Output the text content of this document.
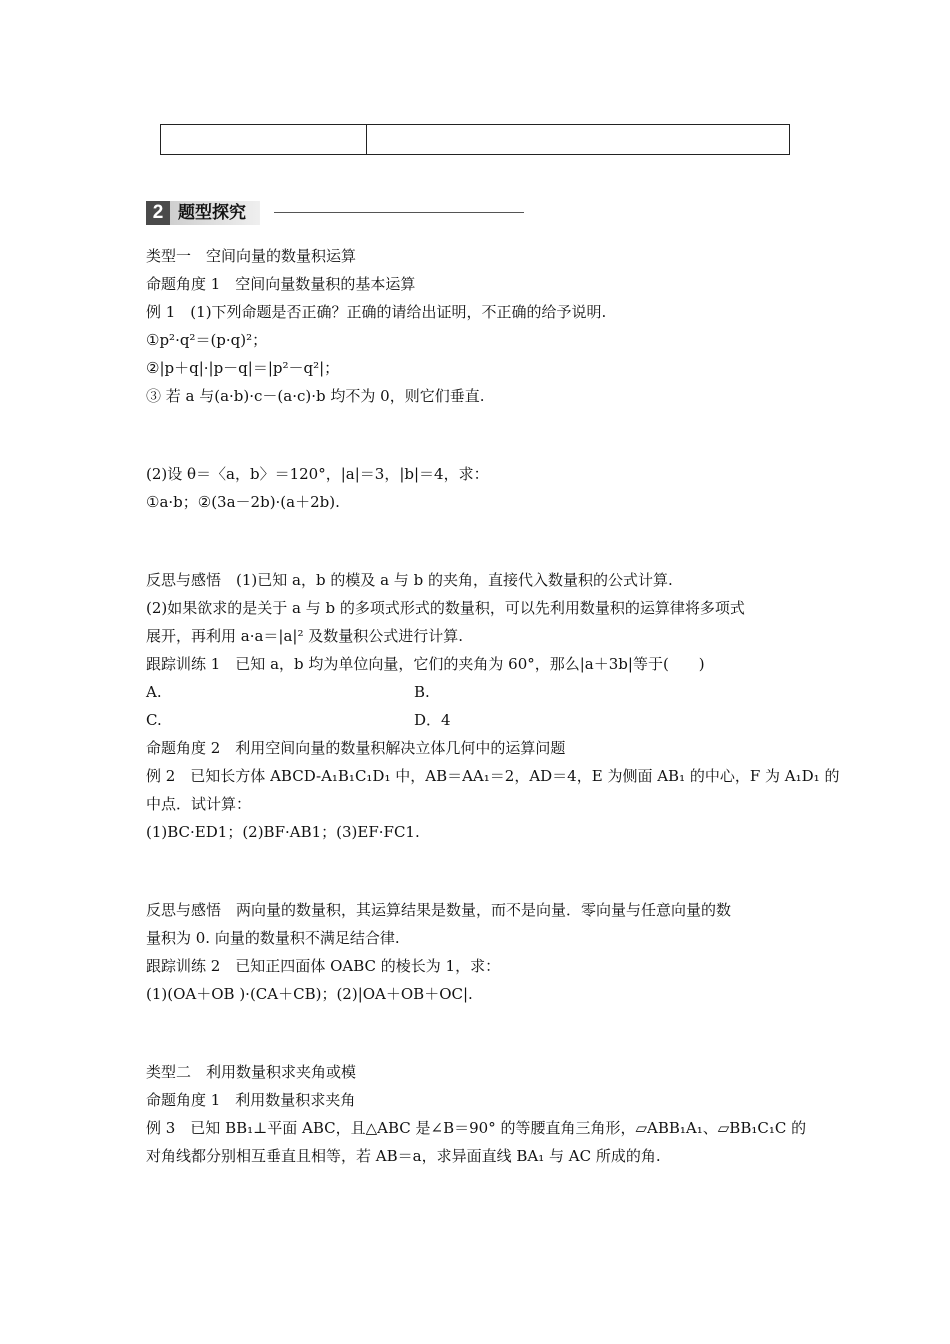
2 题型探究
类型一　空间向量的数量积运算
命题角度 1　空间向量数量积的基本运算
例 1　(1)下列命题是否正确？正确的请给出证明，不正确的给予说明.
①p²·q²＝(p·q)²；
②|p＋q|·|p－q|＝|p²－q²|；
③ 若 a 与(a·b)·c－(a·c)·b 均不为 0，则它们垂直.
(2)设 θ＝〈a，b〉＝120°，|a|＝3，|b|＝4，求：
①a·b；②(3a－2b)·(a＋2b).
反思与感悟　(1)已知 a，b 的模及 a 与 b 的夹角，直接代入数量积的公式计算.
(2)如果欲求的是关于 a 与 b 的多项式形式的数量积，可以先利用数量积的运算律将多项式
展开，再利用 a·a＝|a|² 及数量积公式进行计算.
跟踪训练 1　已知 a，b 均为单位向量，它们的夹角为 60°，那么|a＋3b|等于(　　)
A.
C.
命题角度 2　利用空间向量的数量积解决立体几何中的运算问题
例 2　已知长方体 ABCD-A₁B₁C₁D₁ 中，AB＝AA₁＝2，AD＝4，E 为侧面 AB₁ 的中心，F 为 A₁D₁ 的
中点．试计算：
(1)BC·ED1；(2)BF·AB1；(3)EF·FC1.
反思与感悟　两向量的数量积，其运算结果是数量，而不是向量．零向量与任意向量的数
量积为 0. 向量的数量积不满足结合律.
跟踪训练 2　已知正四面体 OABC 的棱长为 1，求：
(1)(OA＋OB )·(CA＋CB)；(2)|OA＋OB＋OC|.
类型二　利用数量积求夹角或模
命题角度 1　利用数量积求夹角
例 3　已知 BB₁⊥平面 ABC，且△ABC 是∠B＝90° 的等腰直角三角形，▱ABB₁A₁、▱BB₁C₁C 的
对角线都分别相互垂直且相等，若 AB＝a，求异面直线 BA₁ 与 AC 所成的角.
B.
D．4
